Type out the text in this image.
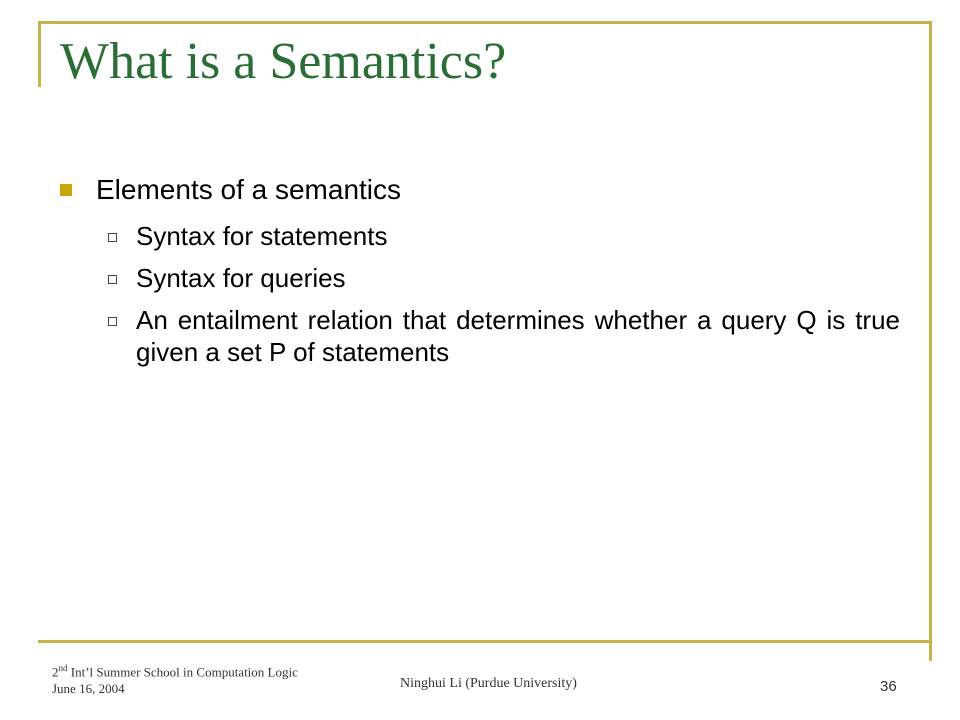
What is a Semantics?
Elements of a semantics
Syntax for statements
Syntax for queries
An entailment relation that determines whether a query Q is true given a set P of statements
2nd Int’l Summer School in Computation Logic
June 16, 2004	Ninghui Li (Purdue University)	36
